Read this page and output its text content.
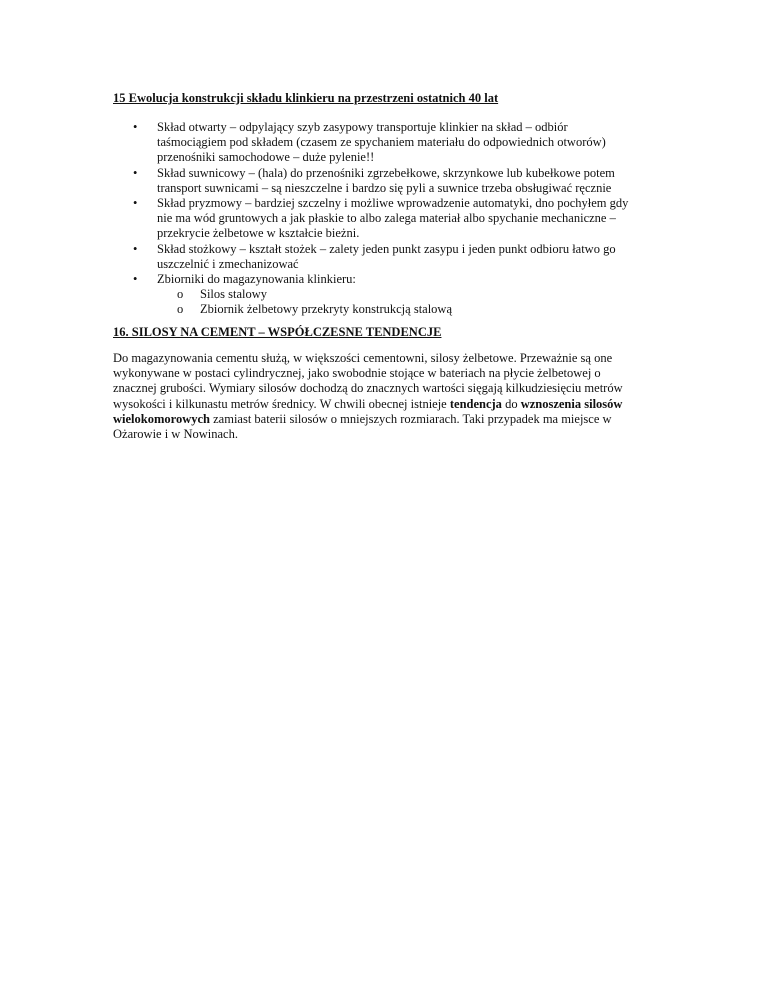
15 Ewolucja konstrukcji składu klinkieru na przestrzeni ostatnich 40 lat

•	Skład otwarty – odpylający szyb zasypowy transportuje klinkier na skład – odbiór taśmociągiem pod składem (czasem ze spychaniem materiału do odpowiednich otworów) przenośniki samochodowe – duże pylenie!!
•	Skład suwnicowy – (hala) do przenośniki zgrzebełkowe, skrzynkowe lub kubełkowe potem transport suwnicami – są nieszczelne i bardzo się pyli a suwnice trzeba obsługiwać ręcznie
•	Skład pryzmowy – bardziej szczelny i możliwe wprowadzenie automatyki, dno pochyłem gdy nie ma wód gruntowych a jak płaskie to albo zalega materiał albo spychanie mechaniczne – przekrycie żelbetowe w kształcie bieżni.
•	Skład stożkowy – kształt stożek – zalety jeden punkt zasypu i jeden punkt odbioru łatwo go uszczelnić i zmechanizować
•	Zbiorniki do magazynowania klinkieru:
o Silos stalowy
o Zbiornik żelbetowy przekryty konstrukcją stalową

16. SILOSY NA CEMENT – WSPÓŁCZESNE TENDENCJE

Do magazynowania cementu służą, w większości cementowni, silosy żelbetowe. Przeważnie są one wykonywane w postaci cylindrycznej, jako swobodnie stojące w bateriach na płycie żelbetowej o znacznej grubości. Wymiary silosów dochodzą do znacznych wartości sięgają kilkudziesięciu metrów wysokości i kilkunastu metrów średnicy. W chwili obecnej istnieje tendencja do wznoszenia silosów wielokomorowych zamiast baterii silosów o mniejszych rozmiarach. Taki przypadek ma miejsce w Ożarowie i w Nowinach.
